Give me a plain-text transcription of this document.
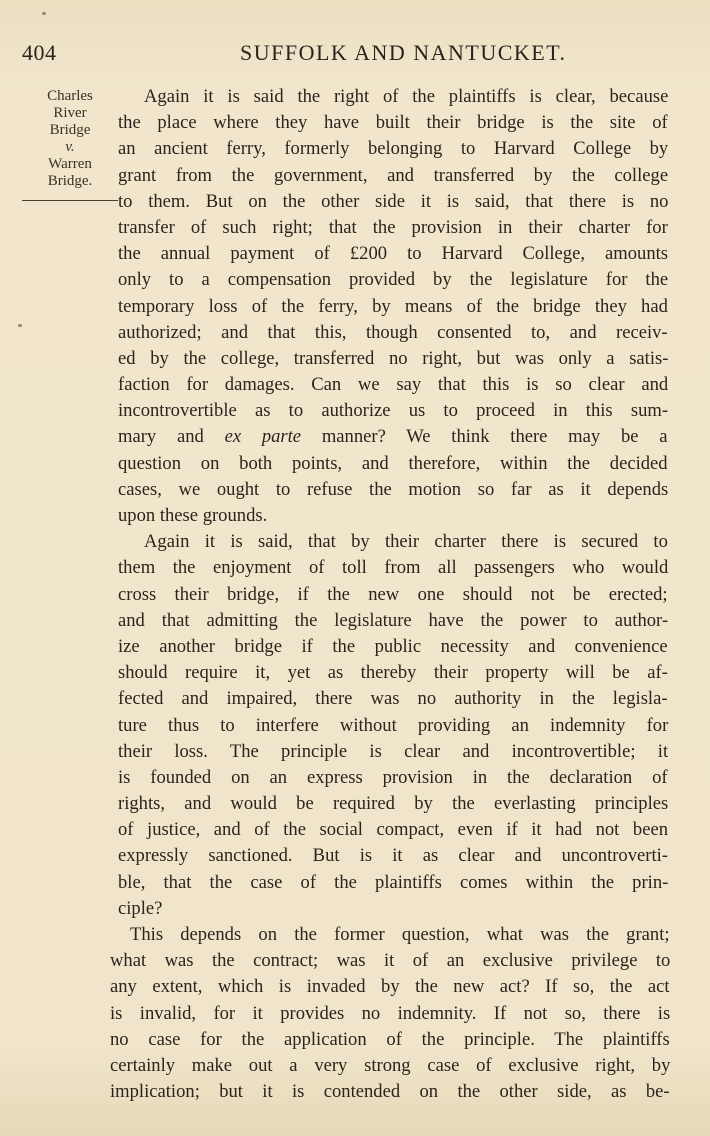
404	SUFFOLK AND NANTUCKET.
Charles
River
Bridge
v.
Warren
Bridge.
Again it is said the right of the plaintiffs is clear, because
the place where they have built their bridge is the site of
an ancient ferry, formerly belonging to Harvard College by
grant from the government, and transferred by the college
to them. But on the other side it is said, that there is no
transfer of such right; that the provision in their charter for
the annual payment of £200 to Harvard College, amounts
only to a compensation provided by the legislature for the
temporary loss of the ferry, by means of the bridge they had
authorized; and that this, though consented to, and receiv-
ed by the college, transferred no right, but was only a satis-
faction for damages. Can we say that this is so clear and
incontrovertible as to authorize us to proceed in this sum-
mary and ex parte manner? We think there may be a
question on both points, and therefore, within the decided
cases, we ought to refuse the motion so far as it depends
upon these grounds.
Again it is said, that by their charter there is secured to
them the enjoyment of toll from all passengers who would
cross their bridge, if the new one should not be erected;
and that admitting the legislature have the power to author-
ize another bridge if the public necessity and convenience
should require it, yet as thereby their property will be af-
fected and impaired, there was no authority in the legisla-
ture thus to interfere without providing an indemnity for
their loss. The principle is clear and incontrovertible; it
is founded on an express provision in the declaration of
rights, and would be required by the everlasting principles
of justice, and of the social compact, even if it had not been
expressly sanctioned. But is it as clear and uncontroverti-
ble, that the case of the plaintiffs comes within the prin-
ciple?
This depends on the former question, what was the grant;
what was the contract; was it of an exclusive privilege to
any extent, which is invaded by the new act? If so, the act
is invalid, for it provides no indemnity. If not so, there is
no case for the application of the principle. The plaintiffs
certainly make out a very strong case of exclusive right, by
implication; but it is contended on the other side, as be-
